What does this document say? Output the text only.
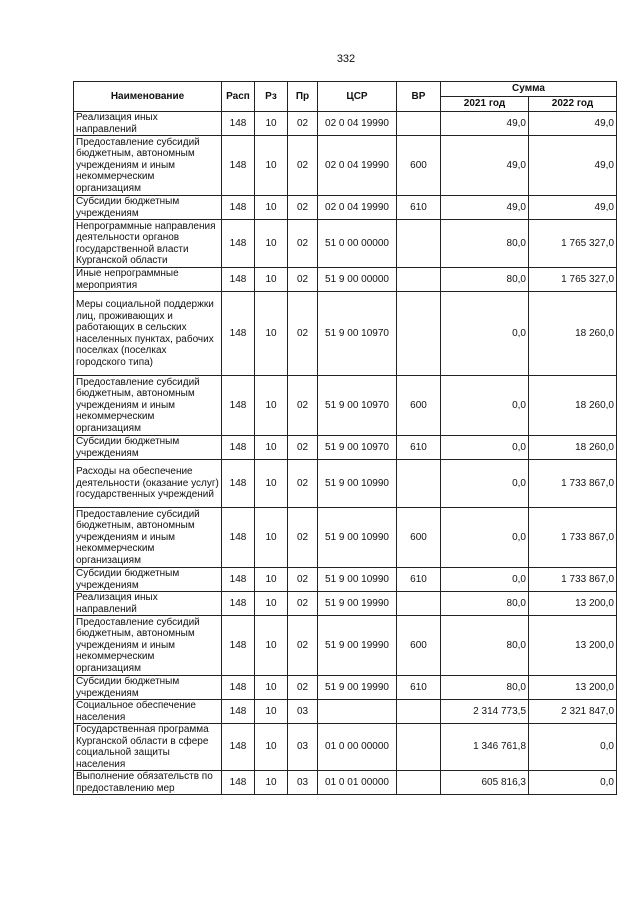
332
Наименование	Расп	Рз	Пр	ЦСР	ВР	Сумма	
						2021 год	2022 год
Реализация иных направлений	148	10	02	02 0 04 19990		49,0	49,0
Предоставление субсидий бюджетным, автономным учреждениям и иным некоммерческим организациям	148	10	02	02 0 04 19990	600	49,0	49,0
Субсидии бюджетным учреждениям	148	10	02	02 0 04 19990	610	49,0	49,0
Непрограммные направления деятельности органов государственной власти Курганской области	148	10	02	51 0 00 00000		80,0	1 765 327,0
Иные непрограммные мероприятия	148	10	02	51 9 00 00000		80,0	1 765 327,0
Меры социальной поддержки лиц, проживающих и работающих в сельских населенных пунктах, рабочих поселках (поселках городского типа)	148	10	02	51 9 00 10970		0,0	18 260,0
Предоставление субсидий бюджетным, автономным учреждениям и иным некоммерческим организациям	148	10	02	51 9 00 10970	600	0,0	18 260,0
Субсидии бюджетным учреждениям	148	10	02	51 9 00 10970	610	0,0	18 260,0
Расходы на обеспечение деятельности (оказание услуг) государственных учреждений	148	10	02	51 9 00 10990		0,0	1 733 867,0
Предоставление субсидий бюджетным, автономным учреждениям и иным некоммерческим организациям	148	10	02	51 9 00 10990	600	0,0	1 733 867,0
Субсидии бюджетным учреждениям	148	10	02	51 9 00 10990	610	0,0	1 733 867,0
Реализация иных направлений	148	10	02	51 9 00 19990		80,0	13 200,0
Предоставление субсидий бюджетным, автономным учреждениям и иным некоммерческим организациям	148	10	02	51 9 00 19990	600	80,0	13 200,0
Субсидии бюджетным учреждениям	148	10	02	51 9 00 19990	610	80,0	13 200,0
Социальное обеспечение населения	148	10	03			2 314 773,5	2 321 847,0
Государственная программа Курганской области в сфере социальной защиты населения	148	10	03	01 0 00 00000		1 346 761,8	0,0
Выполнение обязательств по предоставлению мер	148	10	03	01 0 01 00000		605 816,3	0,0
